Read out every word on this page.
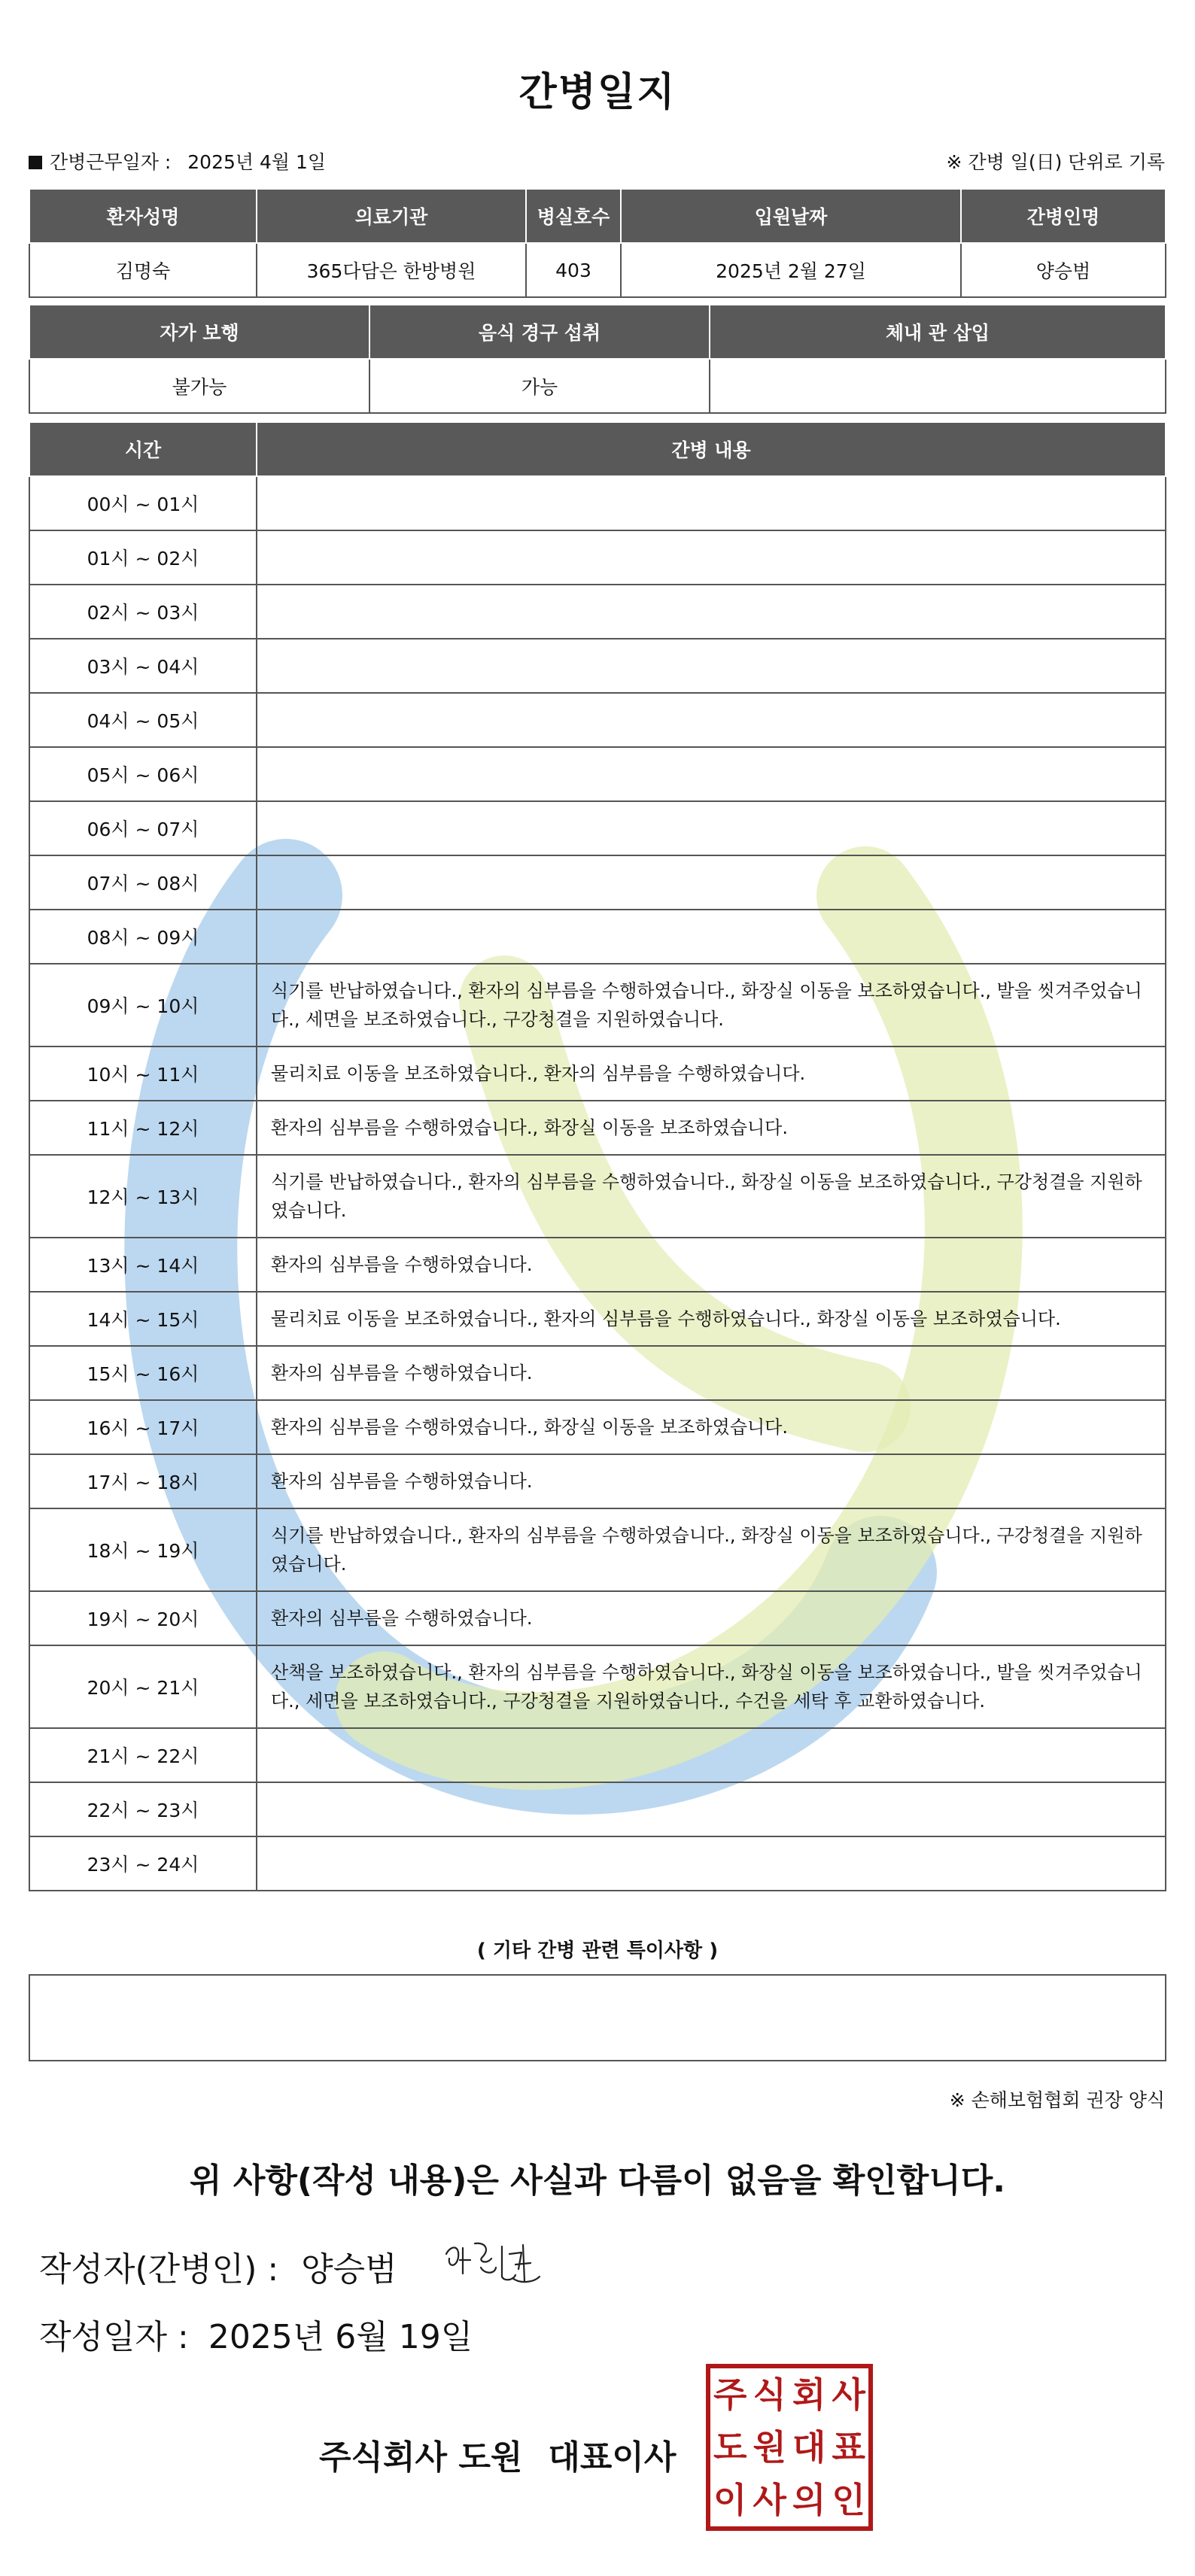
간병일지
간병근무일자 : 2025년 4월 1일	※ 간병 일(日) 단위로 기록
환자성명	의료기관	병실호수	입원날짜	간병인명
김명숙	365다담은 한방병원	403	2025년 2월 27일	양승범
자가 보행	음식 경구 섭취	체내 관 삽입
불가능	가능	
시간	간병 내용
00시 ~ 01시	
01시 ~ 02시	
02시 ~ 03시	
03시 ~ 04시	
04시 ~ 05시	
05시 ~ 06시	
06시 ~ 07시	
07시 ~ 08시	
08시 ~ 09시	
09시 ~ 10시	식기를 반납하였습니다., 환자의 심부름을 수행하였습니다., 화장실 이동을 보조하였습니다., 발을 씻겨주었습니다., 세면을 보조하였습니다., 구강청결을 지원하였습니다.
10시 ~ 11시	물리치료 이동을 보조하였습니다., 환자의 심부름을 수행하였습니다.
11시 ~ 12시	환자의 심부름을 수행하였습니다., 화장실 이동을 보조하였습니다.
12시 ~ 13시	식기를 반납하였습니다., 환자의 심부름을 수행하였습니다., 화장실 이동을 보조하였습니다., 구강청결을 지원하였습니다.
13시 ~ 14시	환자의 심부름을 수행하였습니다.
14시 ~ 15시	물리치료 이동을 보조하였습니다., 환자의 심부름을 수행하였습니다., 화장실 이동을 보조하였습니다.
15시 ~ 16시	환자의 심부름을 수행하였습니다.
16시 ~ 17시	환자의 심부름을 수행하였습니다., 화장실 이동을 보조하였습니다.
17시 ~ 18시	환자의 심부름을 수행하였습니다.
18시 ~ 19시	식기를 반납하였습니다., 환자의 심부름을 수행하였습니다., 화장실 이동을 보조하였습니다., 구강청결을 지원하였습니다.
19시 ~ 20시	환자의 심부름을 수행하였습니다.
20시 ~ 21시	산책을 보조하였습니다., 환자의 심부름을 수행하였습니다., 화장실 이동을 보조하였습니다., 발을 씻겨주었습니다., 세면을 보조하였습니다., 구강청결을 지원하였습니다., 수건을 세탁 후 교환하였습니다.
21시 ~ 22시	
22시 ~ 23시	
23시 ~ 24시	
( 기타 간병 관련 특이사항 )
※ 손해보험협회 권장 양식
위 사항(작성 내용)은 사실과 다름이 없음을 확인합니다.
작성자(간병인) : 양승범
작성일자 : 2025년 6월 19일
주식회사 도원 대표이사
주 식 회 사
도 원 대 표
이 사 의 인
